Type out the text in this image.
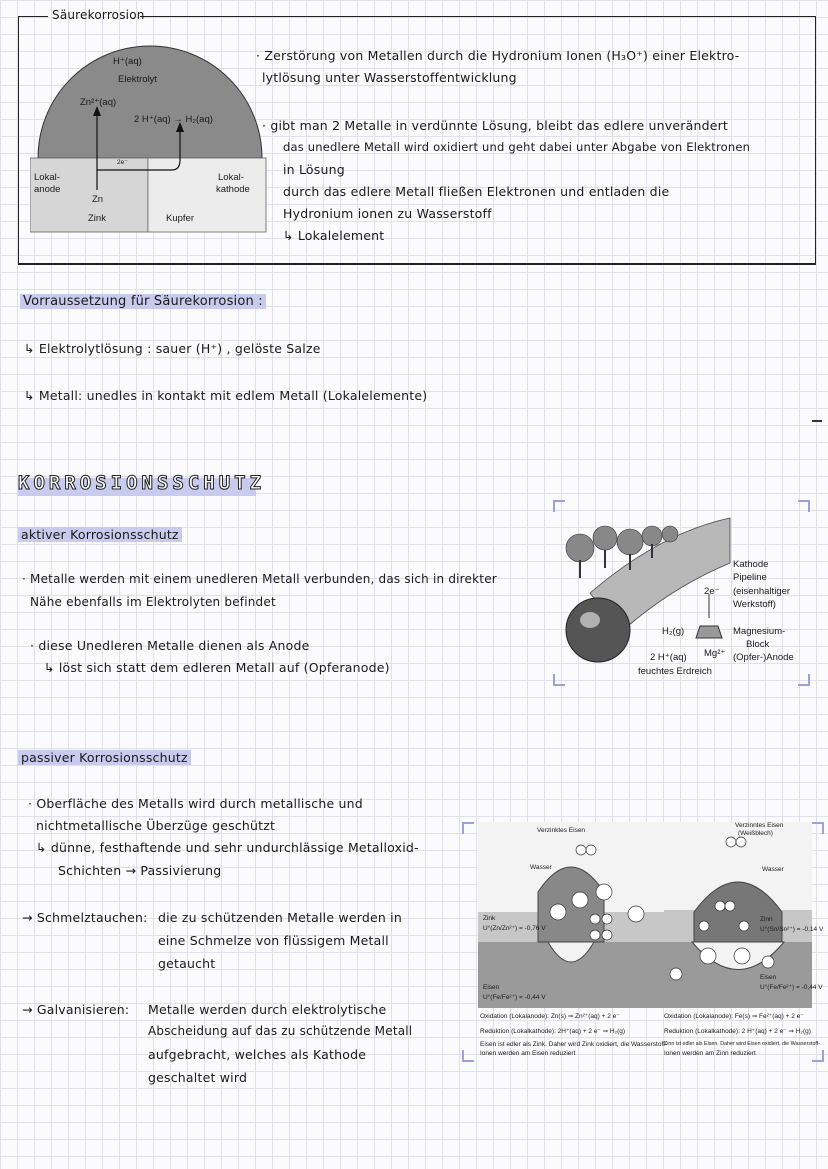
Säurekorrosion
H⁺(aq)
Elektrolyt
Zn²⁺(aq)
2 H⁺(aq) → H₂(aq)
2e⁻
Lokal-
anode
Lokal-
kathode
Zn
Zink	Kupfer
· Zerstörung von Metallen durch die Hydronium Ionen (H₃O⁺) einer Elektro-
lytlösung unter Wasserstoffentwicklung
· gibt man 2 Metalle in verdünnte Lösung, bleibt das edlere unverändert
das unedlere Metall wird oxidiert und geht dabei unter Abgabe von Elektronen
in Lösung
durch das edlere Metall fließen Elektronen und entladen die
Hydronium ionen zu Wasserstoff
↳ Lokalelement
Vorraussetzung für Säurekorrosion :
↳ Elektrolytlösung : sauer (H⁺) , gelöste Salze
↳ Metall: unedles in kontakt mit edlem Metall (Lokalelemente)
KORROSIONSSCHUTZ
aktiver Korrosionsschutz
· Metalle werden mit einem unedleren Metall verbunden, das sich in direkter
Nähe ebenfalls im Elektrolyten befindet
· diese Unedleren Metalle dienen als Anode
↳ löst sich statt dem edleren Metall auf (Opferanode)
Kathode
Pipeline
(eisenhaltiger
Werkstoff)
2e⁻
H₂(g)	Magnesium-
Block
(Opfer-)Anode
2 H⁺(aq) Mg²⁺
feuchtes Erdreich
passiver Korrosionsschutz
· Oberfläche des Metalls wird durch metallische und
nichtmetallische Überzüge geschützt
↳ dünne, festhaftende und sehr undurchlässige Metalloxid-
Schichten → Passivierung
→ Schmelztauchen: die zu schützenden Metalle werden in
eine Schmelze von flüssigem Metall
getaucht
→ Galvanisieren: Metalle werden durch elektrolytische
Abscheidung auf das zu schützende Metall
aufgebracht, welches als Kathode
geschaltet wird
Verzinktes Eisen
Wasser
Zink
U°(Zn/Zn²⁺) = -0,76 V
Eisen
U°(Fe/Fe²⁺) = -0,44 V
Oxidation (Lokalanode): Zn(s) ⇒ Zn²⁺(aq) + 2 e⁻
Reduktion (Lokalkathode): 2H⁺(aq) + 2 e⁻ ⇒ H₂(g)
Eisen ist edler als Zink. Daher wird Zink oxidiert, die Wasserstoff-
Ionen werden am Eisen reduziert
Verzinntes Eisen
(Weißblech)
Wasser
Zinn
U°(Sn/Sn²⁺) = -0,14 V
Eisen
U°(Fe/Fe²⁺) = -0,44 V
Oxidation (Lokalanode): Fe(s) ⇒ Fe²⁺(aq) + 2 e⁻
Reduktion (Lokalkathode): 2 H⁺(aq) + 2 e⁻ ⇒ H₂(g)
Zinn ist edler als Eisen. Daher wird Eisen oxidiert, die Wasserstoff-
Ionen werden am Zinn reduziert
